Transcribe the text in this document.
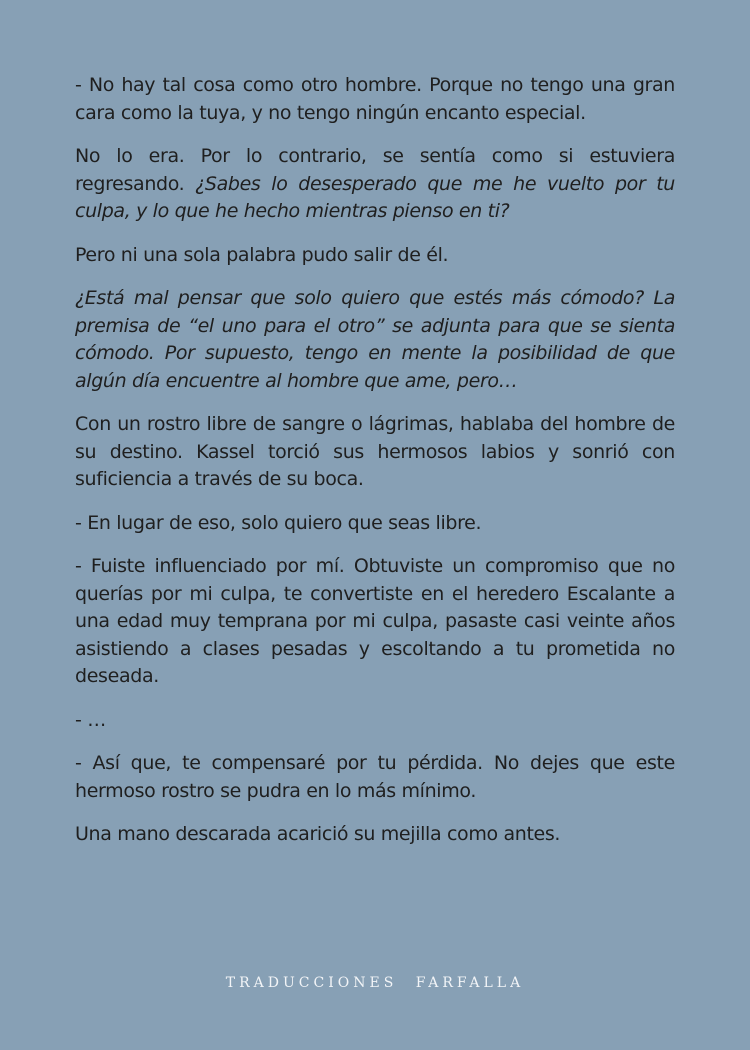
- No hay tal cosa como otro hombre. Porque no tengo una gran cara como la tuya, y no tengo ningún encanto especial.

No lo era. Por lo contrario, se sentía como si estuviera regresando. ¿Sabes lo desesperado que me he vuelto por tu culpa, y lo que he hecho mientras pienso en ti?

Pero ni una sola palabra pudo salir de él.

¿Está mal pensar que solo quiero que estés más cómodo? La premisa de “el uno para el otro” se adjunta para que se sienta cómodo. Por supuesto, tengo en mente la posibilidad de que algún día encuentre al hombre que ame, pero…

Con un rostro libre de sangre o lágrimas, hablaba del hombre de su destino. Kassel torció sus hermosos labios y sonrió con suficiencia a través de su boca.

- En lugar de eso, solo quiero que seas libre.

- Fuiste influenciado por mí. Obtuviste un compromiso que no querías por mi culpa, te convertiste en el heredero Escalante a una edad muy temprana por mi culpa, pasaste casi veinte años asistiendo a clases pesadas y escoltando a tu prometida no deseada.

- …

- Así que, te compensaré por tu pérdida. No dejes que este hermoso rostro se pudra en lo más mínimo.

Una mano descarada acarició su mejilla como antes.

TRADUCCIONES FARFALLA
